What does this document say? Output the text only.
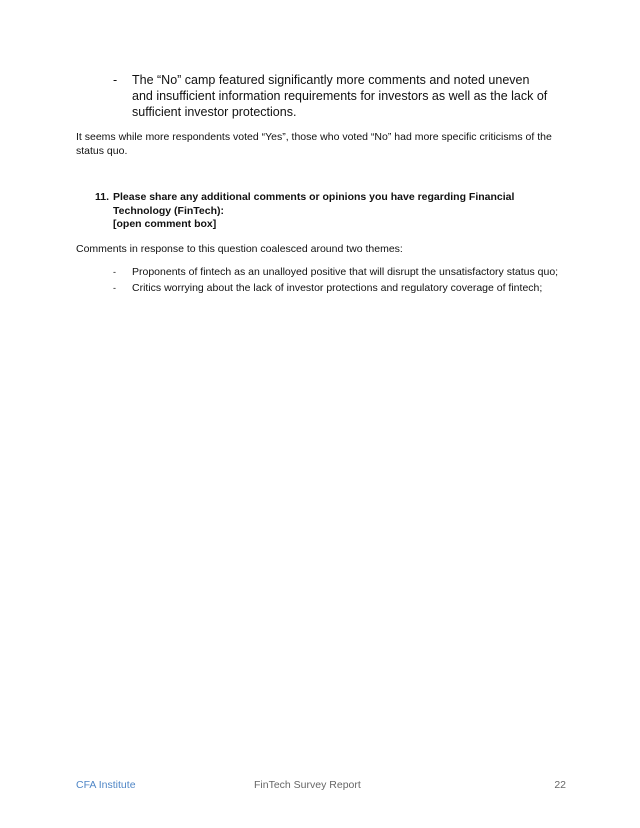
-	The “No” camp featured significantly more comments and noted uneven and insufficient information requirements for investors as well as the lack of sufficient investor protections.

It seems while more respondents voted “Yes”, those who voted “No” had more specific criticisms of the status quo.

11. Please share any additional comments or opinions you have regarding Financial
Technology (FinTech):
[open comment box]

Comments in response to this question coalesced around two themes:

-	Proponents of fintech as an unalloyed positive that will disrupt the unsatisfactory status quo;
-	Critics worrying about the lack of investor protections and regulatory coverage of fintech;
CFA Institute	FinTech Survey Report	22
